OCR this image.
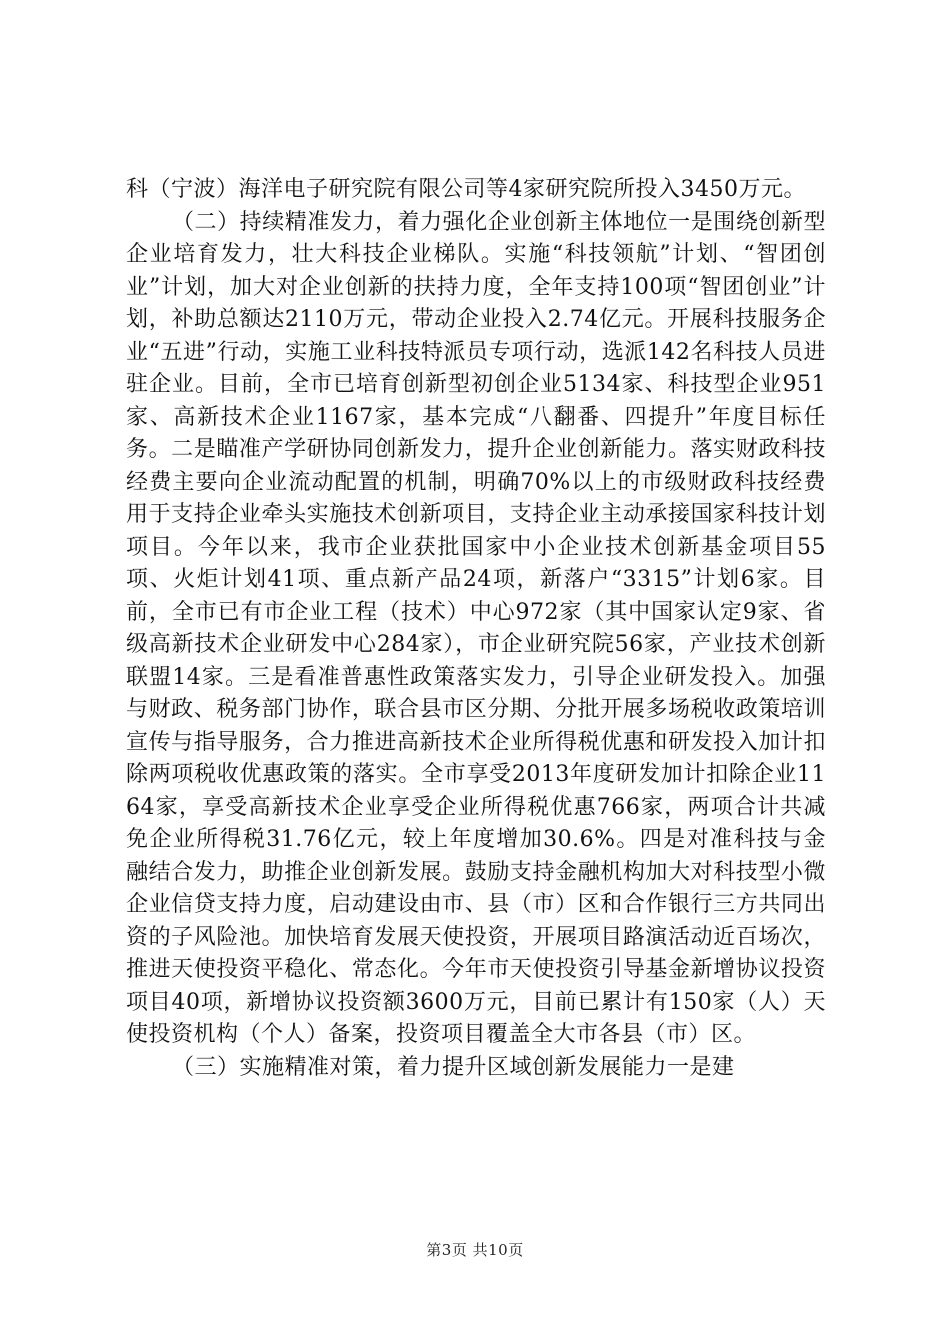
科（宁波）海洋电子研究院有限公司等4家研究院所投入3450万元。

（二）持续精准发力，着力强化企业创新主体地位一是围绕创新型企业培育发力，壮大科技企业梯队。实施“科技领航”计划、“智团创业”计划，加大对企业创新的扶持力度，全年支持100项“智团创业”计划，补助总额达2110万元，带动企业投入2.74亿元。开展科技服务企业“五进”行动，实施工业科技特派员专项行动，选派142名科技人员进驻企业。目前，全市已培育创新型初创企业5134家、科技型企业951家、高新技术企业1167家，基本完成“八翻番、四提升”年度目标任务。二是瞄准产学研协同创新发力，提升企业创新能力。落实财政科技经费主要向企业流动配置的机制，明确70%以上的市级财政科技经费用于支持企业牵头实施技术创新项目，支持企业主动承接国家科技计划项目。今年以来，我市企业获批国家中小企业技术创新基金项目55项、火炬计划41项、重点新产品24项，新落户“3315”计划6家。目前，全市已有市企业工程（技术）中心972家（其中国家认定9家、省级高新技术企业研发中心284家），市企业研究院56家，产业技术创新联盟14家。三是看准普惠性政策落实发力，引导企业研发投入。加强与财政、税务部门协作，联合县市区分期、分批开展多场税收政策培训宣传与指导服务，合力推进高新技术企业所得税优惠和研发投入加计扣除两项税收优惠政策的落实。全市享受2013年度研发加计扣除企业1164家，享受高新技术企业享受企业所得税优惠766家，两项合计共减免企业所得税31.76亿元，较上年度增加30.6%。四是对准科技与金融结合发力，助推企业创新发展。鼓励支持金融机构加大对科技型小微企业信贷支持力度，启动建设由市、县（市）区和合作银行三方共同出资的子风险池。加快培育发展天使投资，开展项目路演活动近百场次，推进天使投资平稳化、常态化。今年市天使投资引导基金新增协议投资项目40项，新增协议投资额3600万元，目前已累计有150家（人）天使投资机构（个人）备案，投资项目覆盖全大市各县（市）区。

（三）实施精准对策，着力提升区域创新发展能力一是建

第3页 共10页
